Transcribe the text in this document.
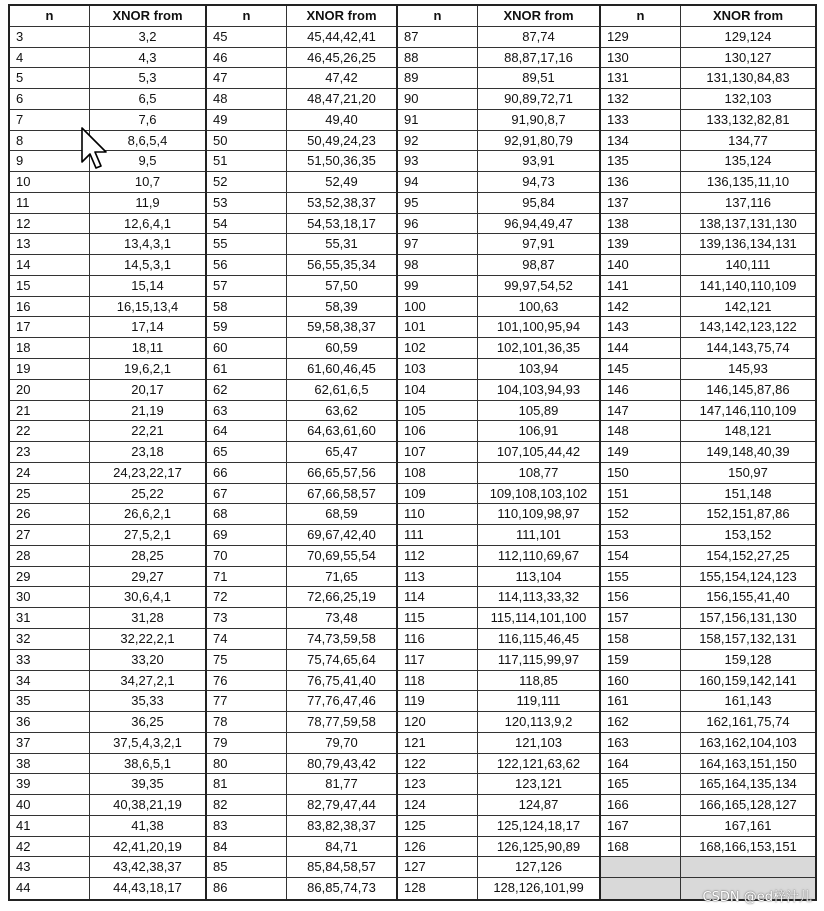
n	XNOR from
3	3,2
4	4,3
5	5,3
6	6,5
7	7,6
8	8,6,5,4
9	9,5
10	10,7
11	11,9
12	12,6,4,1
13	13,4,3,1
14	14,5,3,1
15	15,14
16	16,15,13,4
17	17,14
18	18,11
19	19,6,2,1
20	20,17
21	21,19
22	22,21
23	23,18
24	24,23,22,17
25	25,22
26	26,6,2,1
27	27,5,2,1
28	28,25
29	29,27
30	30,6,4,1
31	31,28
32	32,22,2,1
33	33,20
34	34,27,2,1
35	35,33
36	36,25
37	37,5,4,3,2,1
38	38,6,5,1
39	39,35
40	40,38,21,19
41	41,38
42	42,41,20,19
43	43,42,38,37
44	44,43,18,17
n	XNOR from
45	45,44,42,41
46	46,45,26,25
47	47,42
48	48,47,21,20
49	49,40
50	50,49,24,23
51	51,50,36,35
52	52,49
53	53,52,38,37
54	54,53,18,17
55	55,31
56	56,55,35,34
57	57,50
58	58,39
59	59,58,38,37
60	60,59
61	61,60,46,45
62	62,61,6,5
63	63,62
64	64,63,61,60
65	65,47
66	66,65,57,56
67	67,66,58,57
68	68,59
69	69,67,42,40
70	70,69,55,54
71	71,65
72	72,66,25,19
73	73,48
74	74,73,59,58
75	75,74,65,64
76	76,75,41,40
77	77,76,47,46
78	78,77,59,58
79	79,70
80	80,79,43,42
81	81,77
82	82,79,47,44
83	83,82,38,37
84	84,71
85	85,84,58,57
86	86,85,74,73
n	XNOR from
87	87,74
88	88,87,17,16
89	89,51
90	90,89,72,71
91	91,90,8,7
92	92,91,80,79
93	93,91
94	94,73
95	95,84
96	96,94,49,47
97	97,91
98	98,87
99	99,97,54,52
100	100,63
101	101,100,95,94
102	102,101,36,35
103	103,94
104	104,103,94,93
105	105,89
106	106,91
107	107,105,44,42
108	108,77
109	109,108,103,102
110	110,109,98,97
111	111,101
112	112,110,69,67
113	113,104
114	114,113,33,32
115	115,114,101,100
116	116,115,46,45
117	117,115,99,97
118	118,85
119	119,111
120	120,113,9,2
121	121,103
122	122,121,63,62
123	123,121
124	124,87
125	125,124,18,17
126	126,125,90,89
127	127,126
128	128,126,101,99
n	XNOR from
129	129,124
130	130,127
131	131,130,84,83
132	132,103
133	133,132,82,81
134	134,77
135	135,124
136	136,135,11,10
137	137,116
138	138,137,131,130
139	139,136,134,131
140	140,111
141	141,140,110,109
142	142,121
143	143,142,123,122
144	144,143,75,74
145	145,93
146	146,145,87,86
147	147,146,110,109
148	148,121
149	149,148,40,39
150	150,97
151	151,148
152	152,151,87,86
153	153,152
154	154,152,27,25
155	155,154,124,123
156	156,155,41,40
157	157,156,131,130
158	158,157,132,131
159	159,128
160	160,159,142,141
161	161,143
162	162,161,75,74
163	163,162,104,103
164	164,163,151,150
165	165,164,135,134
166	166,165,128,127
167	167,161
168	168,166,153,151
CSDN @ed梓汁儿
